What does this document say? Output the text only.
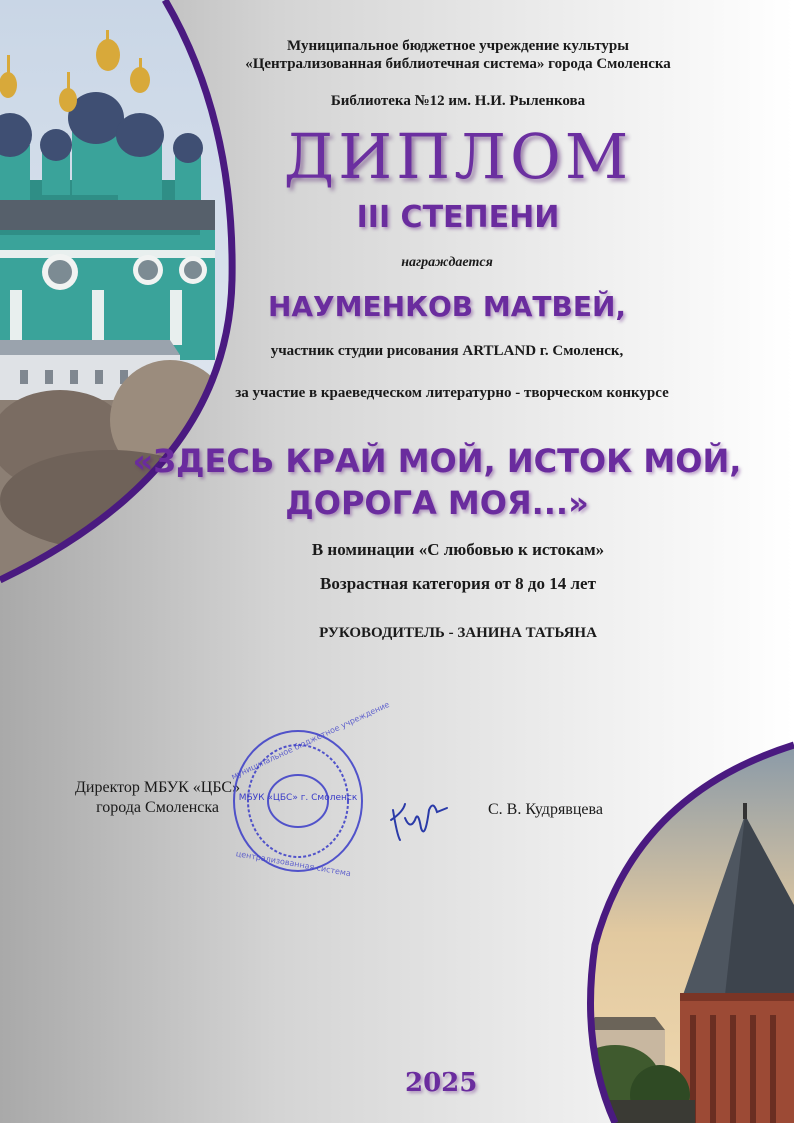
Муниципальное бюджетное учреждение культуры
«Централизованная библиотечная система» города Смоленска
Библиотека №12 им. Н.И. Рыленкова
ДИПЛОМ
III СТЕПЕНИ
награждается
НАУМЕНКОВ МАТВЕЙ,
участник студии рисования ARTLAND г. Смоленск,
за участие в краеведческом литературно - творческом конкурсе
«ЗДЕСЬ КРАЙ МОЙ, ИСТОК МОЙ,
ДОРОГА МОЯ...»
В номинации «С любовью к истокам»
Возрастная категория от 8 до 14 лет
РУКОВОДИТЕЛЬ - ЗАНИНА ТАТЬЯНА
Директор МБУК «ЦБС»
города Смоленска
муниципальное бюджетное учреждение
централизованная система
МБУК «ЦБС» г. Смоленск
С. В. Кудрявцева
2025
